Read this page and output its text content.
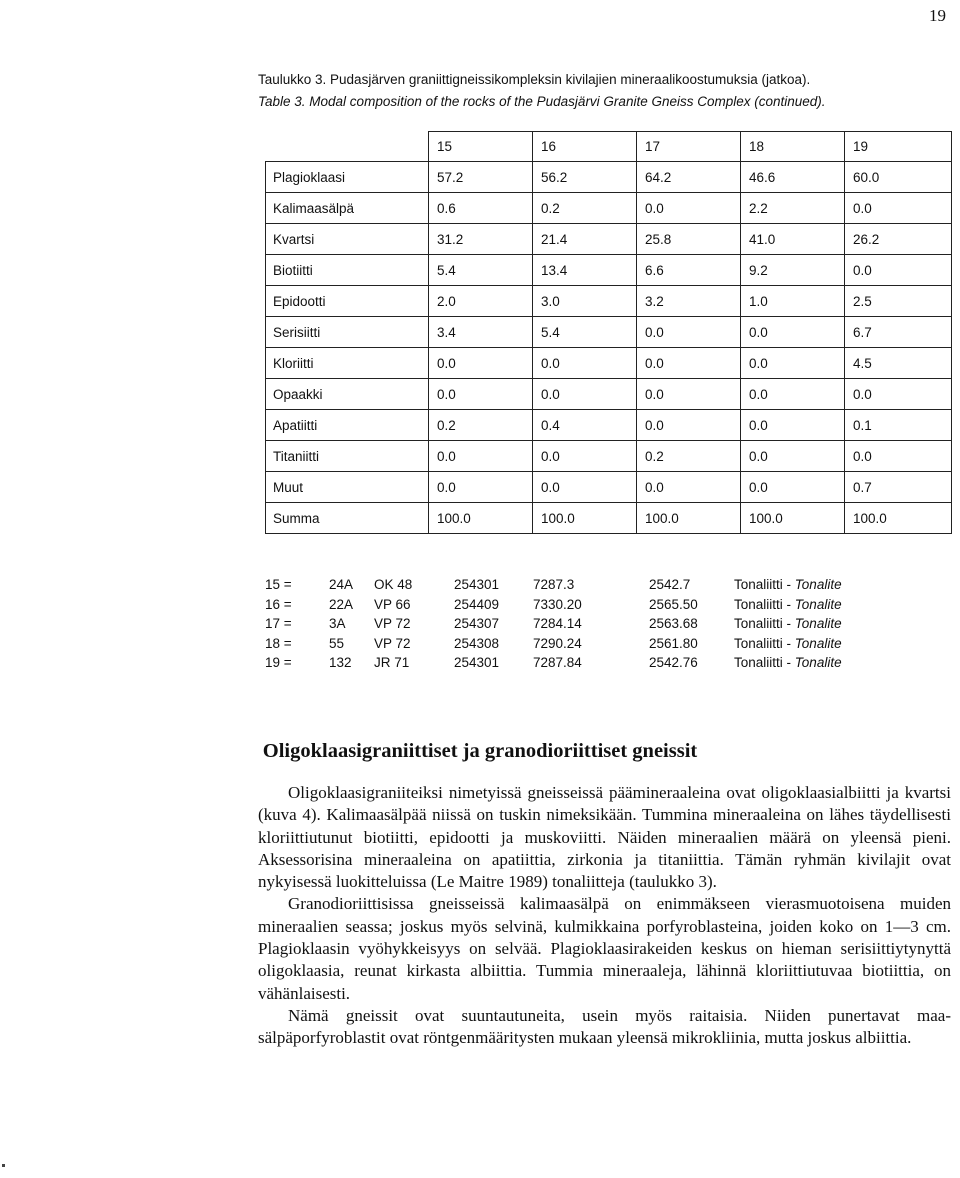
19
Taulukko 3. Pudasjärven graniittigneissikompleksin kivilajien mineraalikoostumuksia (jatkoa).
Table 3. Modal composition of the rocks of the Pudasjärvi Granite Gneiss Complex (continued).
	15	16	17	18	19
Plagioklaasi	57.2	56.2	64.2	46.6	60.0
Kalimaasälpä	0.6	0.2	0.0	2.2	0.0
Kvartsi	31.2	21.4	25.8	41.0	26.2
Biotiitti	5.4	13.4	6.6	9.2	0.0
Epidootti	2.0	3.0	3.2	1.0	2.5
Serisiitti	3.4	5.4	0.0	0.0	6.7
Kloriitti	0.0	0.0	0.0	0.0	4.5
Opaakki	0.0	0.0	0.0	0.0	0.0
Apatiitti	0.2	0.4	0.0	0.0	0.1
Titaniitti	0.0	0.0	0.2	0.0	0.0
Muut	0.0	0.0	0.0	0.0	0.7
Summa	100.0	100.0	100.0	100.0	100.0
15 =	24A OK 48	254301	7287.3	2542.7	Tonaliitti - Tonalite
16 =	22A VP 66	254409	7330.20	2565.50	Tonaliitti - Tonalite
17 =	3A VP 72	254307	7284.14	2563.68	Tonaliitti - Tonalite
18 =	55 VP 72	254308	7290.24	2561.80	Tonaliitti - Tonalite
19 =	132 JR 71	254301	7287.84	2542.76	Tonaliitti - Tonalite
Oligoklaasigraniittiset ja granodioriittiset gneissit

Oligoklaasigraniiteiksi nimetyissä gneisseissä päämineraaleina ovat oligoklaasialbiitti ja kvartsi (kuva 4). Kalimaasälpää niissä on tuskin nimeksikään. Tummina mineraaleina on lähes täydellisesti kloriittiutunut biotiitti, epidootti ja muskoviitti. Näiden mineraalien määrä on yleensä pieni. Aksessorisina mineraaleina on apatiittia, zirkonia ja titaniittia. Tämän ryhmän kivilajit ovat nykyisessä luokitteluissa (Le Maitre 1989) tonaliitteja (taulukko 3).

Granodioriittisissa gneisseissä kalimaasälpä on enimmäkseen vierasmuotoisena muiden mineraalien seassa; joskus myös selvinä, kulmikkaina porfyroblasteina, joiden koko on 1—3 cm. Plagioklaasin vyöhykkeisyys on selvää. Plagioklaasirakeiden keskus on hieman serisiittiytynyttä oligoklaasia, reunat kirkasta albiittia. Tummia mineraaleja, lähinnä kloriittiutuvaa biotiittia, on vähänlaisesti.

Nämä gneissit ovat suuntautuneita, usein myös raitaisia. Niiden punertavat maasälpäporfyroblastit ovat röntgenmääritysten mukaan yleensä mikrokliinia, mutta joskus albiittia.
